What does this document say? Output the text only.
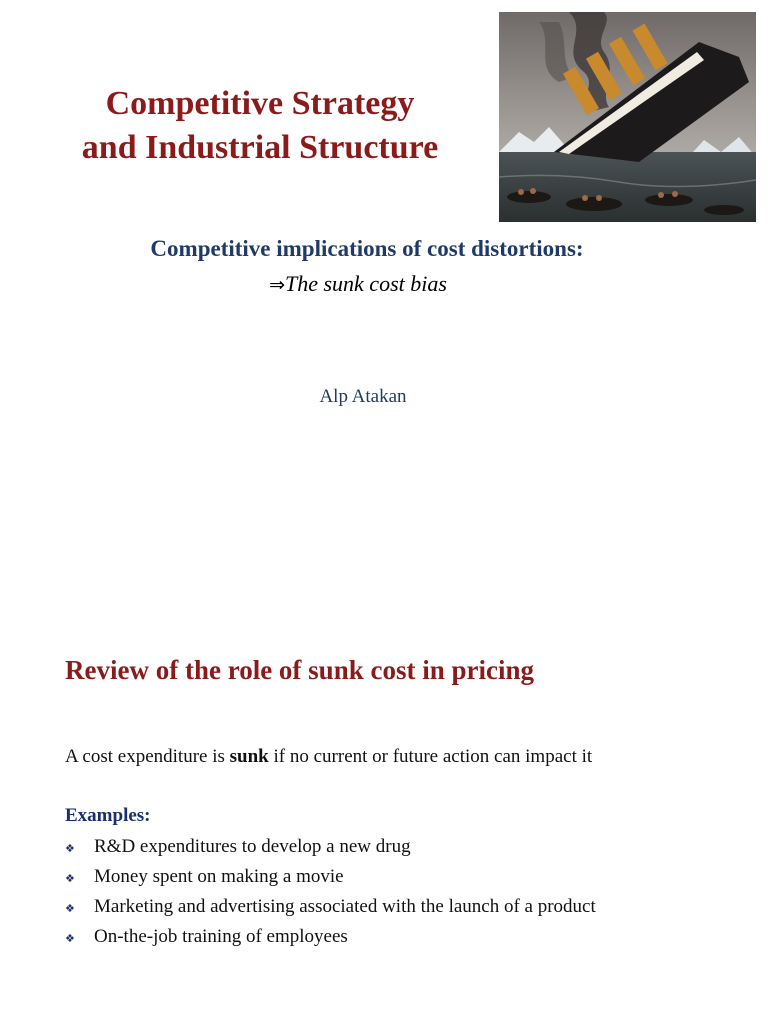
Competitive Strategy
and Industrial Structure
Competitive implications of cost distortions:
⇒The sunk cost bias
Alp Atakan
Review of the role of sunk cost in pricing
A cost expenditure is sunk if no current or future action can impact it
Examples:
❖	R&D expenditures to develop a new drug
❖	Money spent on making a movie
❖	Marketing and advertising associated with the launch of a product
❖	On-the-job training of employees
